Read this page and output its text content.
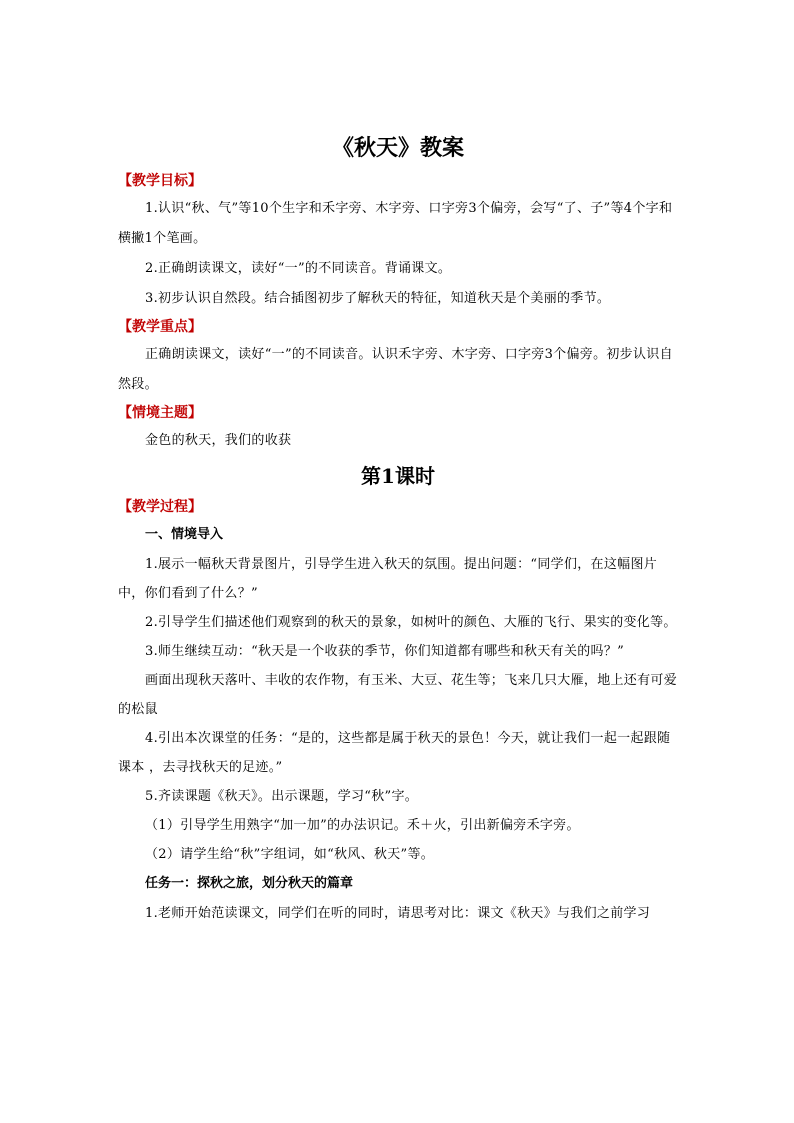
《秋天》教案

【教学目标】

1.认识“秋、气”等10个生字和禾字旁、木字旁、口字旁3个偏旁，会写“了、子”等4个字和横撇1个笔画。

2.正确朗读课文，读好“一”的不同读音。背诵课文。

3.初步认识自然段。结合插图初步了解秋天的特征，知道秋天是个美丽的季节。

【教学重点】

正确朗读课文，读好“一”的不同读音。认识禾字旁、木字旁、口字旁3个偏旁。初步认识自然段。

【情境主题】

金色的秋天，我们的收获

第1课时

【教学过程】

一、情境导入

1.展示一幅秋天背景图片，引导学生进入秋天的氛围。提出问题：“同学们，在这幅图片中，你们看到了什么？”

2.引导学生们描述他们观察到的秋天的景象，如树叶的颜色、大雁的飞行、果实的变化等。

3.师生继续互动：“秋天是一个收获的季节，你们知道都有哪些和秋天有关的吗？”

画面出现秋天落叶、丰收的农作物，有玉米、大豆、花生等；飞来几只大雁，地上还有可爱的松鼠

4.引出本次课堂的任务：“是的，这些都是属于秋天的景色！今天，就让我们一起一起跟随课本 ，去寻找秋天的足迹。”

5.齐读课题《秋天》。出示课题，学习“秋”字。

（1）引导学生用熟字“加一加”的办法识记。禾＋火，引出新偏旁禾字旁。

（2）请学生给“秋”字组词，如“秋风、秋天”等。

任务一：探秋之旅，划分秋天的篇章

1.老师开始范读课文，同学们在听的同时，请思考对比：课文《秋天》与我们之前学习
